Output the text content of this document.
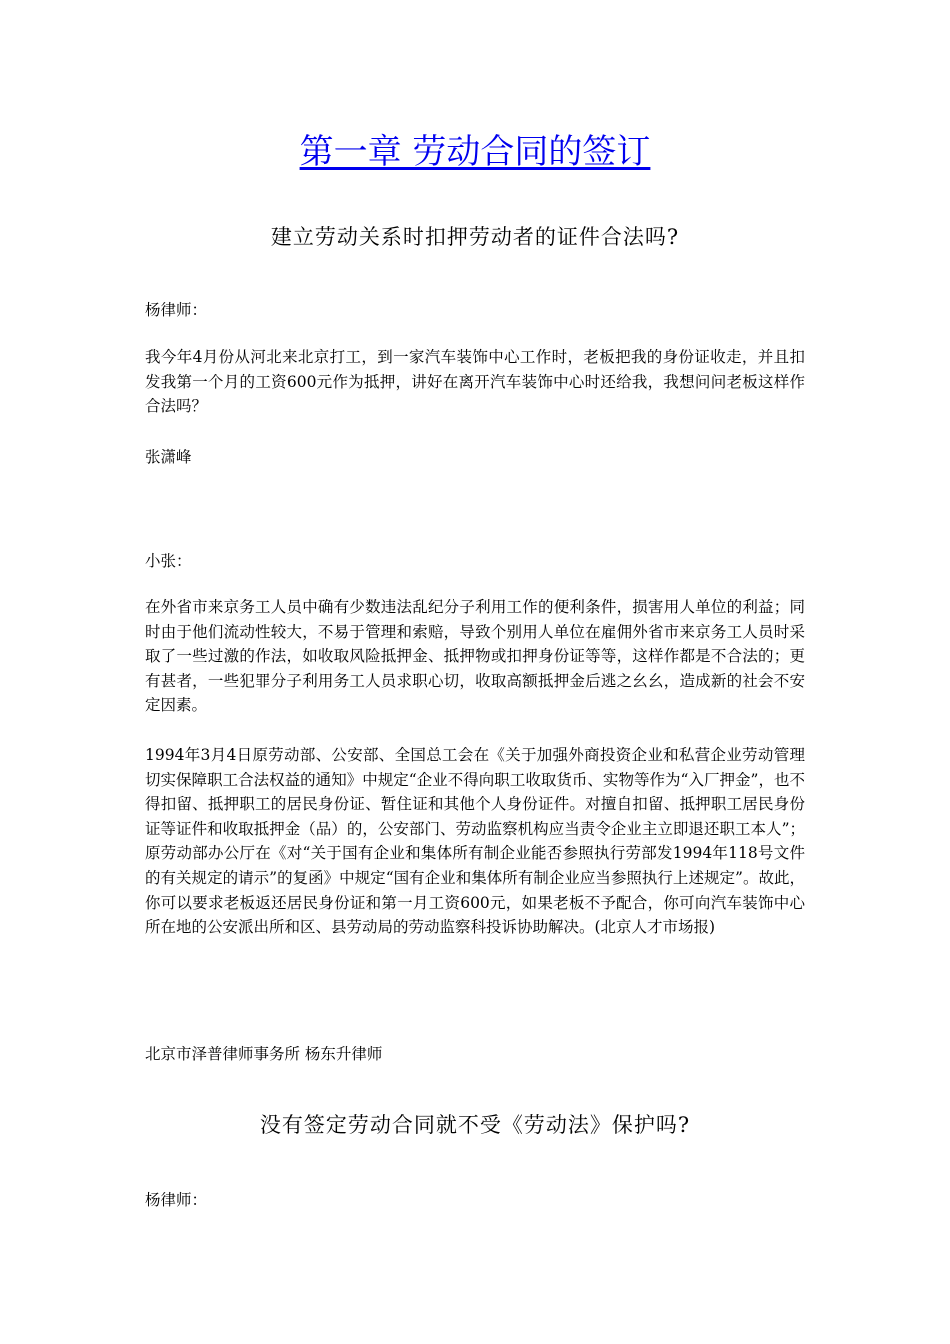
第一章 劳动合同的签订
建立劳动关系时扣押劳动者的证件合法吗?
杨律师：
我今年4月份从河北来北京打工，到一家汽车装饰中心工作时，老板把我的身份证收走，并且扣发我第一个月的工资600元作为抵押，讲好在离开汽车装饰中心时还给我，我想问问老板这样作合法吗？
张潇峰
小张：
在外省市来京务工人员中确有少数违法乱纪分子利用工作的便利条件，损害用人单位的利益；同时由于他们流动性较大，不易于管理和索赔，导致个别用人单位在雇佣外省市来京务工人员时采取了一些过激的作法，如收取风险抵押金、抵押物或扣押身份证等等，这样作都是不合法的；更有甚者，一些犯罪分子利用务工人员求职心切，收取高额抵押金后逃之幺幺，造成新的社会不安定因素。
1994年3月4日原劳动部、公安部、全国总工会在《关于加强外商投资企业和私营企业劳动管理切实保障职工合法权益的通知》中规定“企业不得向职工收取货币、实物等作为“入厂押金”，也不得扣留、抵押职工的居民身份证、暂住证和其他个人身份证件。对擅自扣留、抵押职工居民身份证等证件和收取抵押金（品）的，公安部门、劳动监察机构应当责令企业主立即退还职工本人”；原劳动部办公厅在《对“关于国有企业和集体所有制企业能否参照执行劳部发1994年118号文件的有关规定的请示”的复函》中规定“国有企业和集体所有制企业应当参照执行上述规定”。故此，你可以要求老板返还居民身份证和第一月工资600元，如果老板不予配合，你可向汽车装饰中心所在地的公安派出所和区、县劳动局的劳动监察科投诉协助解决。(北京人才市场报)
北京市泽普律师事务所 杨东升律师
没有签定劳动合同就不受《劳动法》保护吗?
杨律师：
